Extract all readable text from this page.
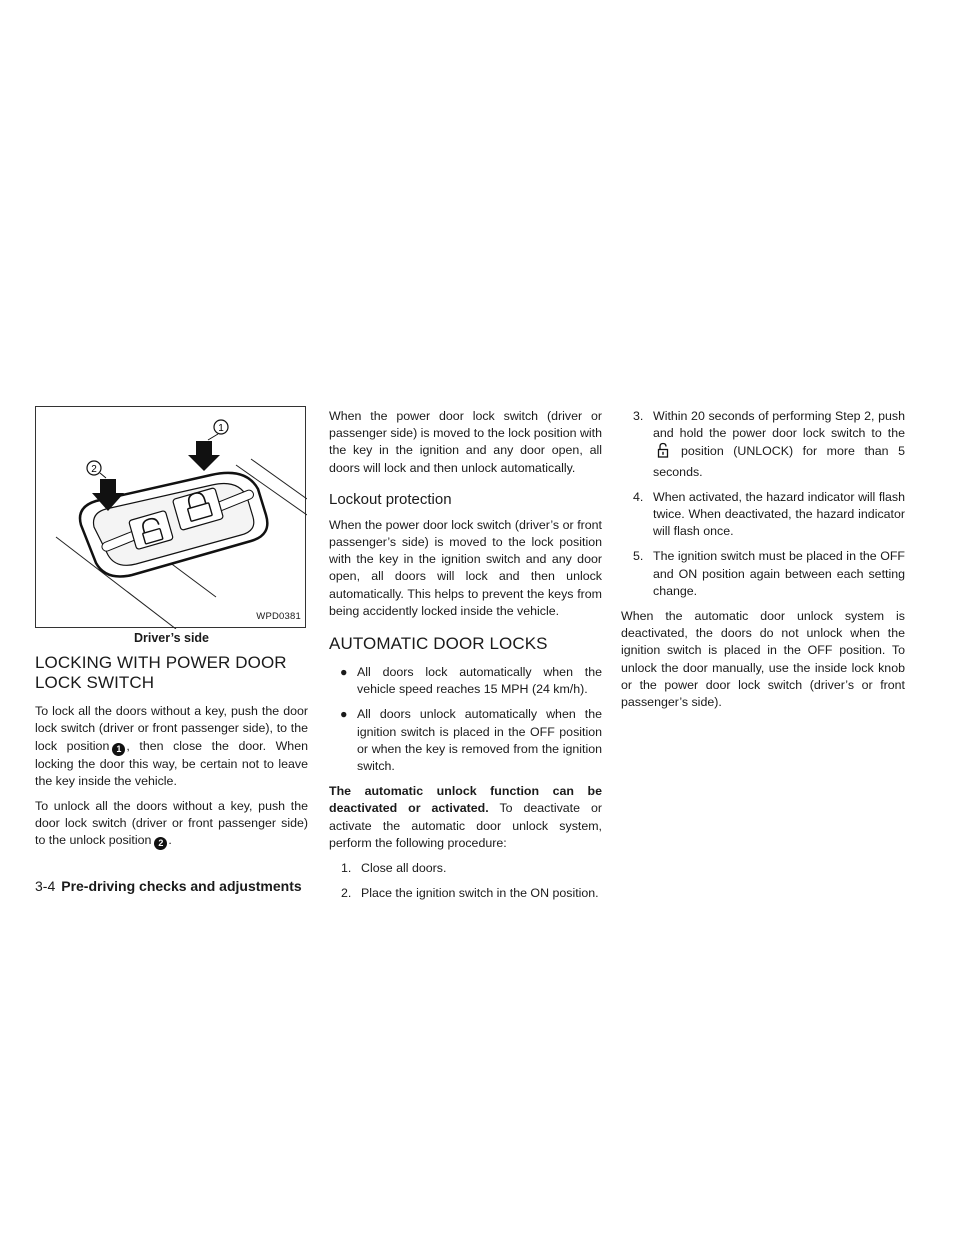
1
2
WPD0381
Driver’s side
LOCKING WITH POWER DOOR LOCK SWITCH

To lock all the doors without a key, push the door lock switch (driver or front passenger side), to the lock position 1 , then close the door. When locking the door this way, be certain not to leave the key inside the vehicle.

To unlock all the doors without a key, push the door lock switch (driver or front passenger side) to the unlock position 2 .

When the power door lock switch (driver or passenger side) is moved to the lock position with the key in the ignition and any door open, all doors will lock and then unlock automatically.

Lockout protection

When the power door lock switch (driver’s or front passenger’s side) is moved to the lock position with the key in the ignition switch and any door open, all doors will lock and then unlock automatically. This helps to prevent the keys from being accidently locked inside the vehicle.

AUTOMATIC DOOR LOCKS
● All doors lock automatically when the vehicle speed reaches 15 MPH (24 km/h).
● All doors unlock automatically when the ignition switch is placed in the OFF position or when the key is removed from the ignition switch.

The automatic unlock function can be deactivated or activated. To deactivate or activate the automatic door unlock system, perform the following procedure:

1. Close all doors.
2. Place the ignition switch in the ON position.
3. Within 20 seconds of performing Step 2, push and hold the power door lock switch to the position (UNLOCK) for more than 5 seconds.
4. When activated, the hazard indicator will flash twice. When deactivated, the hazard indicator will flash once.
5. The ignition switch must be placed in the OFF and ON position again between each setting change.

When the automatic door unlock system is deactivated, the doors do not unlock when the ignition switch is placed in the OFF position. To unlock the door manually, use the inside lock knob or the power door lock switch (driver’s or front passenger’s side).

3-4 Pre-driving checks and adjustments
